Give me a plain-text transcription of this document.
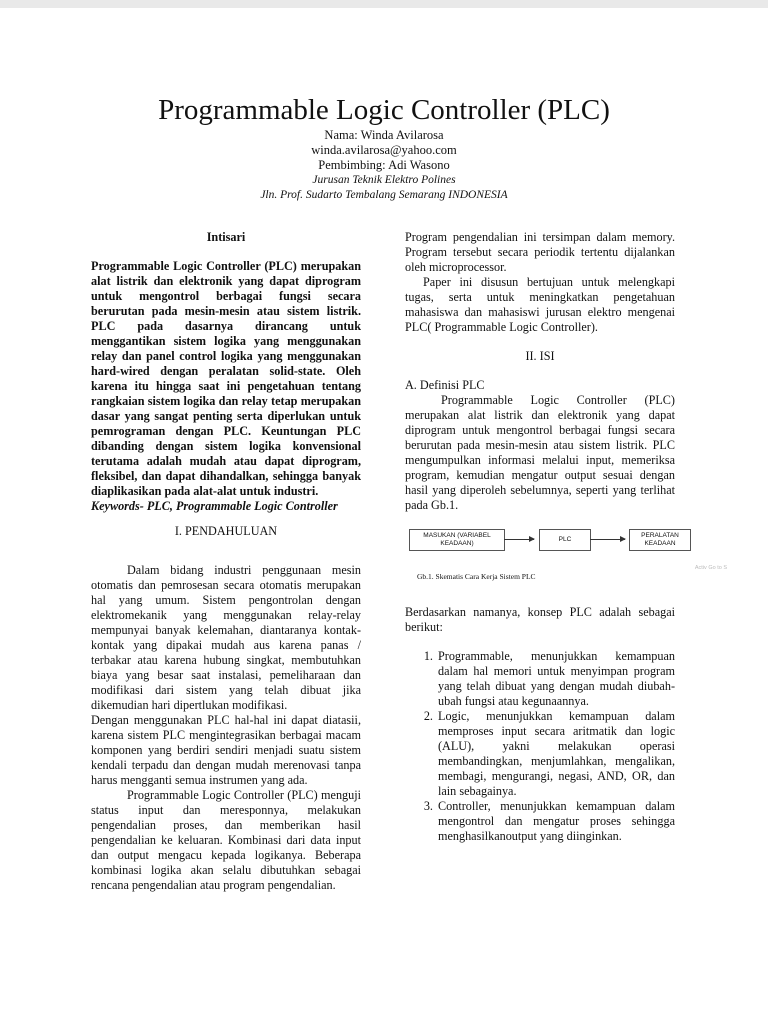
Programmable Logic Controller (PLC)
Nama: Winda Avilarosa
winda.avilarosa@yahoo.com
Pembimbing: Adi Wasono
Jurusan Teknik Elektro Polines
Jln. Prof. Sudarto Tembalang Semarang INDONESIA

Intisari

Programmable Logic Controller (PLC) merupakan alat listrik dan elektronik yang dapat diprogram untuk mengontrol berbagai fungsi secara berurutan pada mesin-mesin atau sistem listrik. PLC pada dasarnya dirancang untuk menggantikan sistem logika yang menggunakan relay dan panel control logika yang menggunakan hard-wired dengan peralatan solid-state. Oleh karena itu hingga saat ini pengetahuan tentang rangkaian sistem logika dan relay tetap merupakan dasar yang sangat penting serta diperlukan untuk pemrograman dengan PLC. Keuntungan PLC dibanding dengan sistem logika konvensional terutama adalah mudah atau dapat diprogram, fleksibel, dan dapat dihandalkan, sehingga banyak diaplikasikan pada alat-alat untuk industri.

Keywords- PLC, Programmable Logic Controller

I. PENDAHULUAN

Dalam bidang industri penggunaan mesin otomatis dan pemrosesan secara otomatis merupakan hal yang umum. Sistem pengontrolan dengan elektromekanik yang menggunakan relay-relay mempunyai banyak kelemahan, diantaranya kontak-kontak yang dipakai mudah aus karena panas / terbakar atau karena hubung singkat, membutuhkan biaya yang besar saat instalasi, pemeliharaan dan modifikasi dari sistem yang telah dibuat jika dikemudian hari dipertlukan modifikasi.

Dengan menggunakan PLC hal-hal ini dapat diatasii, karena sistem PLC mengintegrasikan berbagai macam komponen yang berdiri sendiri menjadi suatu sistem kendali terpadu dan dengan mudah merenovasi tanpa harus mengganti semua instrumen yang ada.

Programmable Logic Controller (PLC) menguji status input dan meresponnya, melakukan pengendalian proses, dan memberikan hasil pengendalian ke keluaran. Kombinasi dari data input dan output mengacu kepada logikanya. Beberapa kombinasi logika akan selalu dibutuhkan sebagai rencana pengendalian atau program pengendalian.

Program pengendalian ini tersimpan dalam memory. Program tersebut secara periodik tertentu dijalankan oleh microprocessor.

Paper ini disusun bertujuan untuk melengkapi tugas, serta untuk meningkatkan pengetahuan mahasiswa dan mahasiswi jurusan elektro mengenai PLC( Programmable Logic Controller).

II. ISI

A. Definisi PLC

Programmable Logic Controller (PLC) merupakan alat listrik dan elektronik yang dapat diprogram untuk mengontrol berbagai fungsi secara berurutan pada mesin-mesin atau sistem listrik. PLC mengumpulkan informasi melalui input, memeriksa program, kemudian mengatur output sesuai dengan hasil yang diperoleh sebelumnya, seperti yang terlihat pada Gb.1.

MASUKAN (VARIABEL KEADAAN)
PLC
PERALATAN KEADAAN
Gb.1. Skematis Cara Kerja Sistem PLC
Activ Go to S

Berdasarkan namanya, konsep PLC adalah sebagai berikut:

1. Programmable, menunjukkan kemampuan dalam hal memori untuk menyimpan program yang telah dibuat yang dengan mudah diubah-ubah fungsi atau kegunaannya.
2. Logic, menunjukkan kemampuan dalam memproses input secara aritmatik dan logic (ALU), yakni melakukan operasi membandingkan, menjumlahkan, mengalikan, membagi, mengurangi, negasi, AND, OR, dan lain sebagainya.
3. Controller, menunjukkan kemampuan dalam mengontrol dan mengatur proses sehingga menghasilkanoutput yang diinginkan.
